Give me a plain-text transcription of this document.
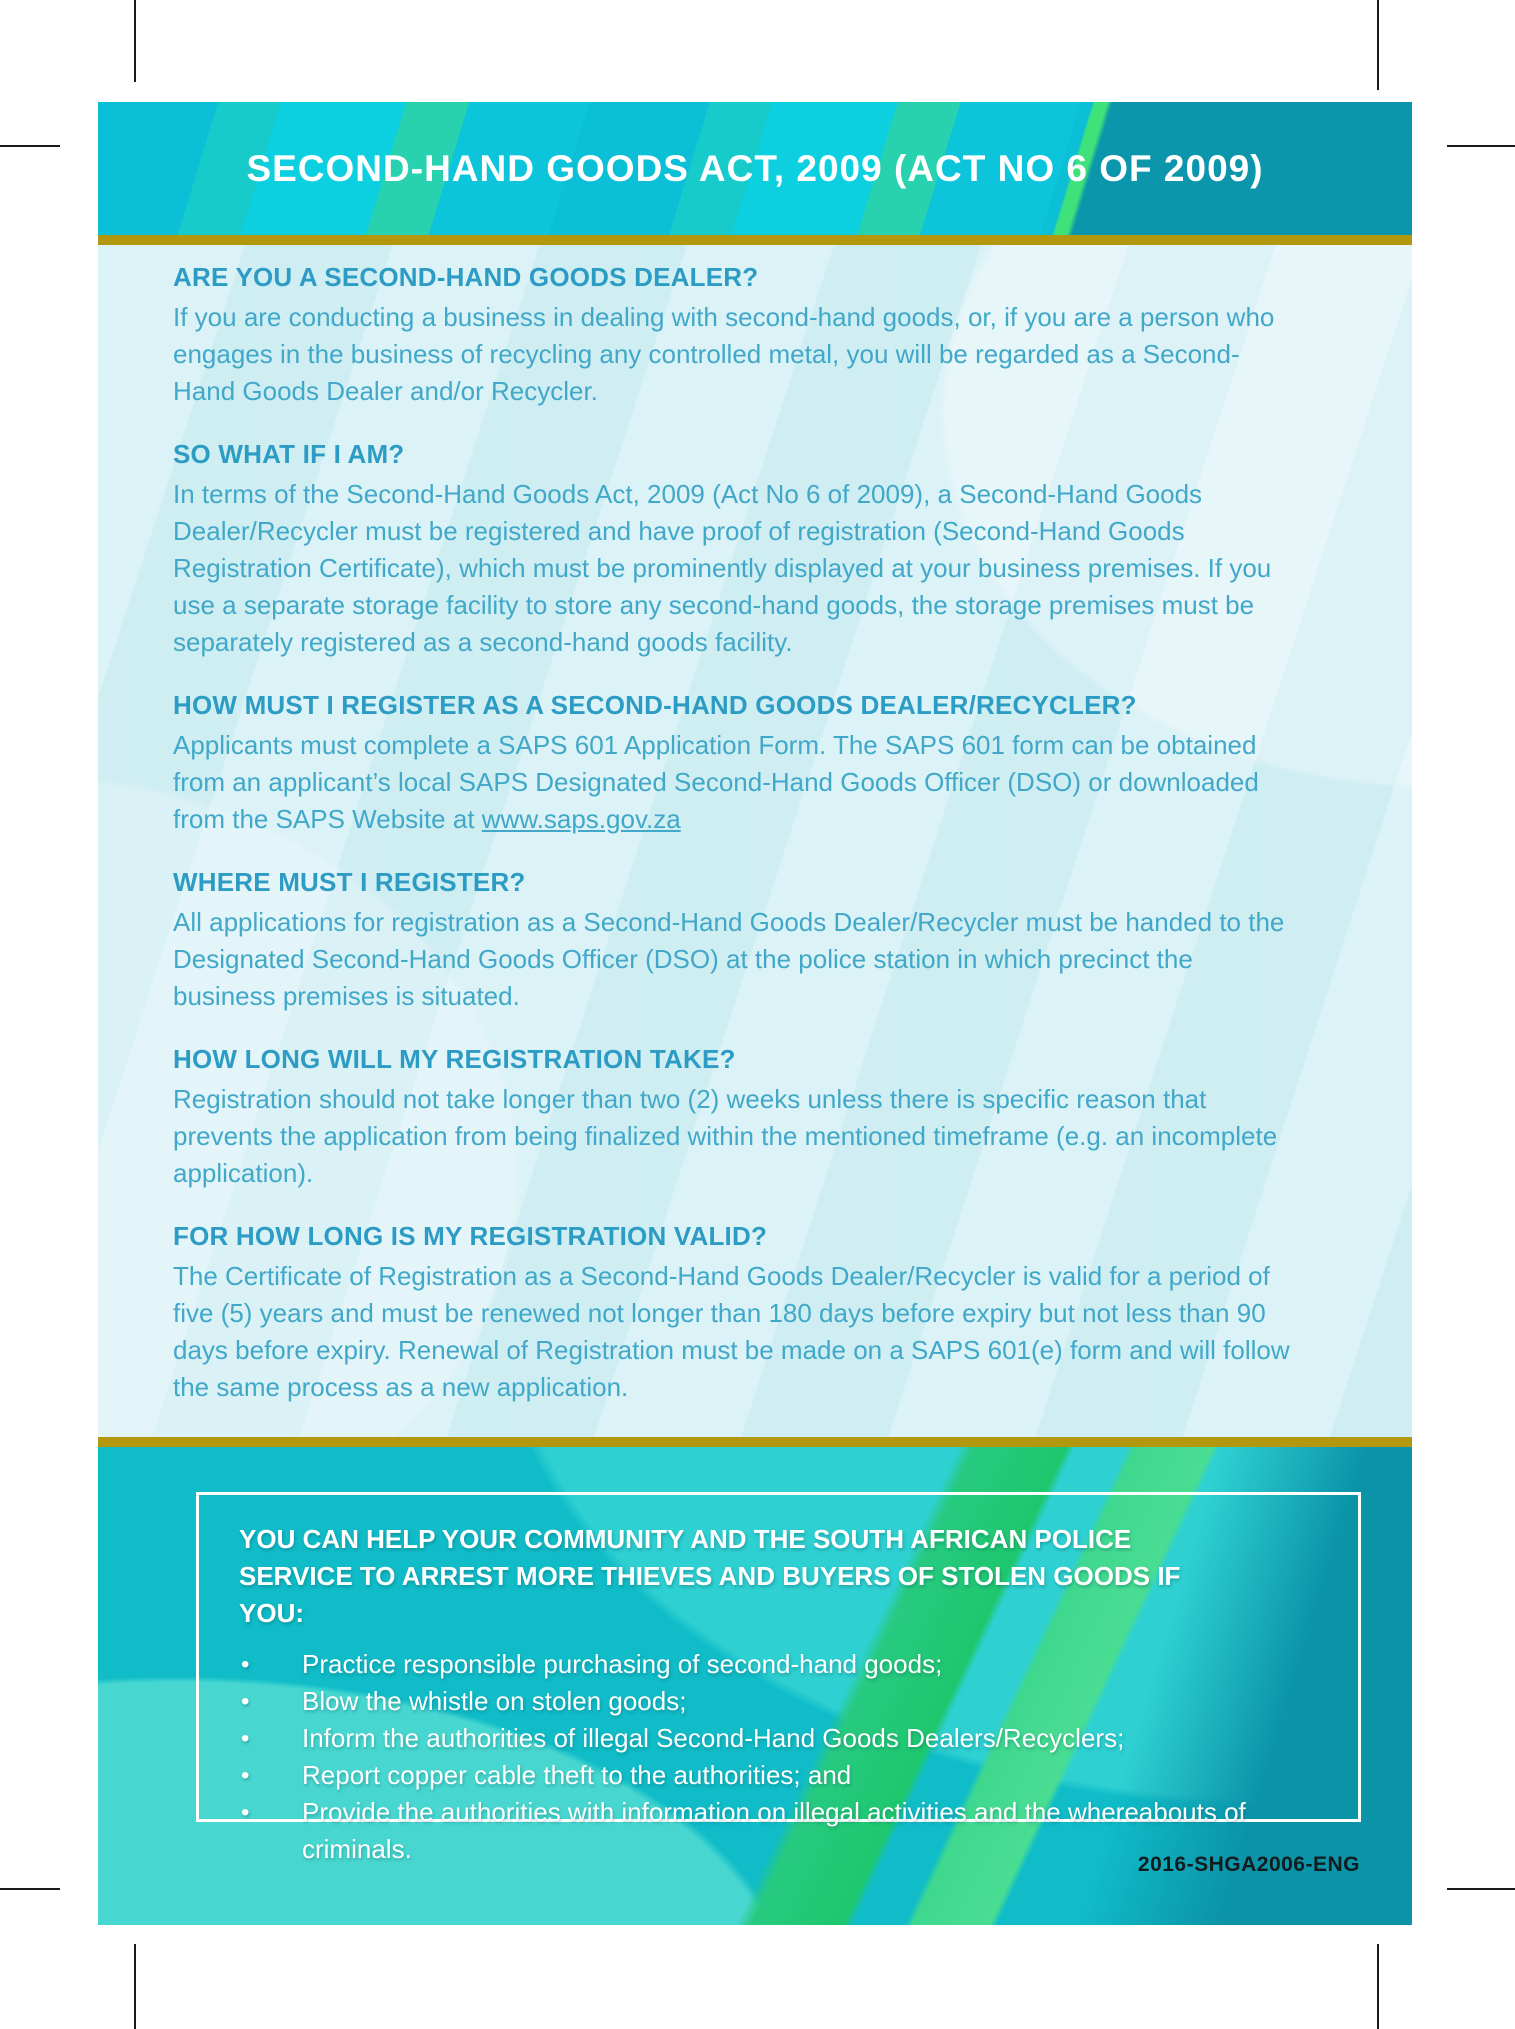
SECOND-HAND GOODS ACT, 2009 (ACT NO 6 OF 2009)
ARE YOU A SECOND-HAND GOODS DEALER?

If you are conducting a business in dealing with second-hand goods, or, if you are a person who engages in the business of recycling any controlled metal, you will be regarded as a Second-Hand Goods Dealer and/or Recycler.

SO WHAT IF I AM?

In terms of the Second-Hand Goods Act, 2009 (Act No 6 of 2009), a Second-Hand Goods Dealer/Recycler must be registered and have proof of registration (Second-Hand Goods Registration Certificate), which must be prominently displayed at your business premises. If you use a separate storage facility to store any second-hand goods, the storage premises must be separately registered as a second-hand goods facility.

HOW MUST I REGISTER AS A SECOND-HAND GOODS DEALER/RECYCLER?

Applicants must complete a SAPS 601 Application Form. The SAPS 601 form can be obtained from an applicant’s local SAPS Designated Second-Hand Goods Officer (DSO) or downloaded from the SAPS Website at www.saps.gov.za

WHERE MUST I REGISTER?

All applications for registration as a Second-Hand Goods Dealer/Recycler must be handed to the Designated Second-Hand Goods Officer (DSO) at the police station in which precinct the business premises is situated.

HOW LONG WILL MY REGISTRATION TAKE?

Registration should not take longer than two (2) weeks unless there is specific reason that prevents the application from being finalized within the mentioned timeframe (e.g. an incomplete application).

FOR HOW LONG IS MY REGISTRATION VALID?

The Certificate of Registration as a Second-Hand Goods Dealer/Recycler is valid for a period of five (5) years and must be renewed not longer than 180 days before expiry but not less than 90 days before expiry. Renewal of Registration must be made on a SAPS 601(e) form and will follow the same process as a new application.

YOU CAN HELP YOUR COMMUNITY AND THE SOUTH AFRICAN POLICE SERVICE TO ARREST MORE THIEVES AND BUYERS OF STOLEN GOODS IF YOU:
• Practice responsible purchasing of second-hand goods;
• Blow the whistle on stolen goods;
• Inform the authorities of illegal Second-Hand Goods Dealers/Recyclers;
• Report copper cable theft to the authorities; and
• Provide the authorities with information on illegal activities and the whereabouts of criminals.
2016-SHGA2006-ENG
